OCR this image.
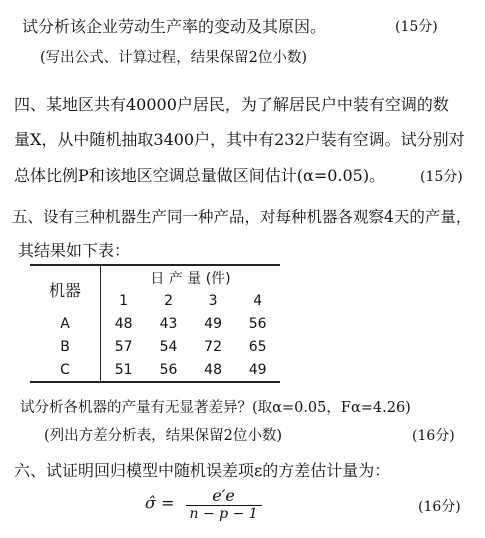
试分析该企业劳动生产率的变动及其原因。	(15分)
(写出公式、计算过程，结果保留2位小数)
四、某地区共有40000户居民，为了解居民户中装有空调的数
量X，从中随机抽取3400户，其中有232户装有空调。试分别对
总体比例P和该地区空调总量做区间估计(α=0.05)。 (15分)
五、设有三种机器生产同一种产品，对每种机器各观察4天的产量，
其结果如下表：
机器	日 产 量 (件)			
	1	2	3	4
A	48	43	49	56
B	57	54	72	65
C	51	56	48	49
试分析各机器的产量有无显著差异？(取α=0.05，Fα=4.26)
(列出方差分析表，结果保留2位小数)	(16分)
六、试证明回归模型中随机误差项ε的方差估计量为：
σ̂ = $\frac{e'e}{n - p - 1}$	(16分)
